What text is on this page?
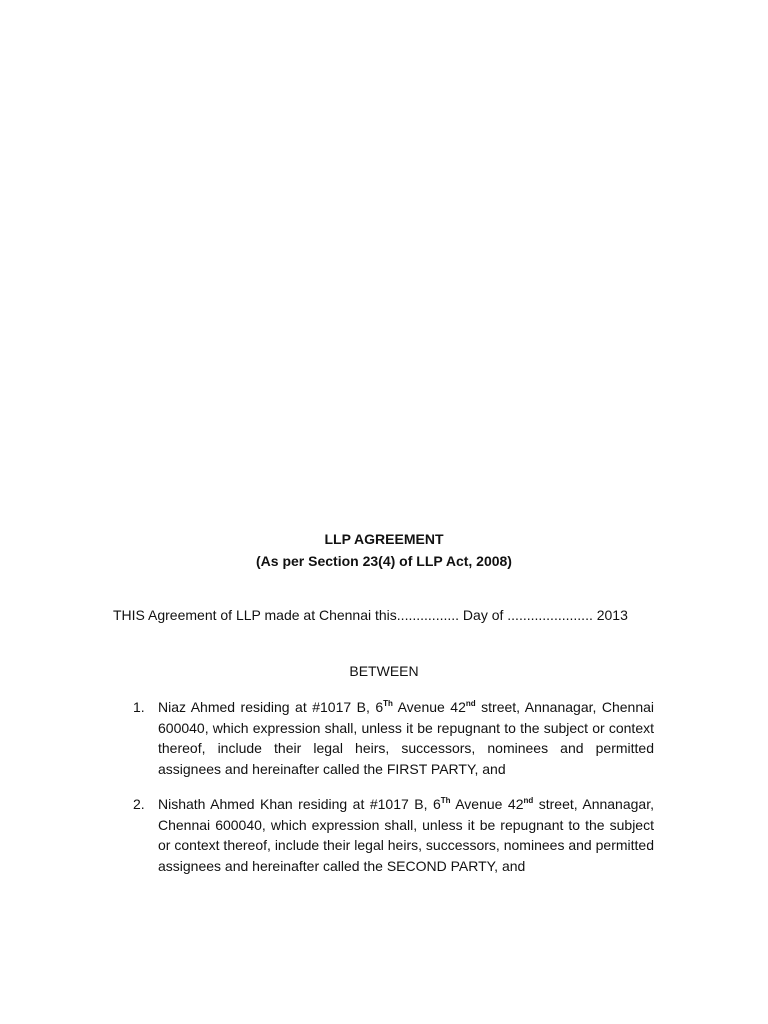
LLP AGREEMENT
(As per Section 23(4) of LLP Act, 2008)
THIS Agreement of LLP made at Chennai this................ Day of ...................... 2013
BETWEEN
1. Niaz Ahmed residing at #1017 B, 6Th Avenue 42nd street, Annanagar, Chennai 600040, which expression shall, unless it be repugnant to the subject or context thereof, include their legal heirs, successors, nominees and permitted assignees and hereinafter called the FIRST PARTY, and
2. Nishath Ahmed Khan residing at #1017 B, 6Th Avenue 42nd street, Annanagar, Chennai 600040, which expression shall, unless it be repugnant to the subject or context thereof, include their legal heirs, successors, nominees and permitted assignees and hereinafter called the SECOND PARTY, and
